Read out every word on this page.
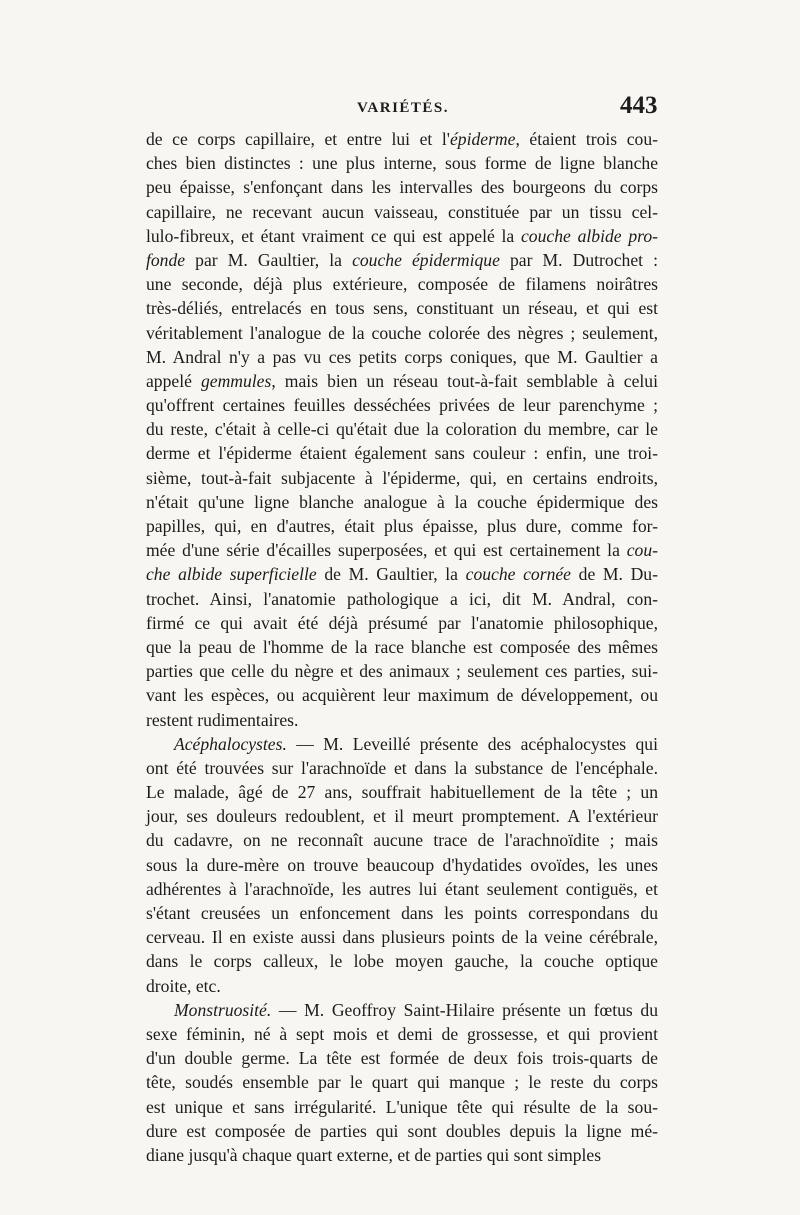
VARIÉTÉS.	443
de ce corps capillaire, et entre lui et l'épiderme, étaient trois cou-
ches bien distinctes : une plus interne, sous forme de ligne blanche
peu épaisse, s'enfonçant dans les intervalles des bourgeons du corps
capillaire, ne recevant aucun vaisseau, constituée par un tissu cel-
lulo-fibreux, et étant vraiment ce qui est appelé la couche albide pro-
fonde par M. Gaultier, la couche épidermique par M. Dutrochet :
une seconde, déjà plus extérieure, composée de filamens noirâtres
très-déliés, entrelacés en tous sens, constituant un réseau, et qui est
véritablement l'analogue de la couche colorée des nègres ; seulement,
M. Andral n'y a pas vu ces petits corps coniques, que M. Gaultier a
appelé gemmules, mais bien un réseau tout-à-fait semblable à celui
qu'offrent certaines feuilles desséchées privées de leur parenchyme ;
du reste, c'était à celle-ci qu'était due la coloration du membre, car le
derme et l'épiderme étaient également sans couleur : enfin, une troi-
sième, tout-à-fait subjacente à l'épiderme, qui, en certains endroits,
n'était qu'une ligne blanche analogue à la couche épidermique des
papilles, qui, en d'autres, était plus épaisse, plus dure, comme for-
mée d'une série d'écailles superposées, et qui est certainement la cou-
che albide superficielle de M. Gaultier, la couche cornée de M. Du-
trochet. Ainsi, l'anatomie pathologique a ici, dit M. Andral, con-
firmé ce qui avait été déjà présumé par l'anatomie philosophique,
que la peau de l'homme de la race blanche est composée des mêmes
parties que celle du nègre et des animaux ; seulement ces parties, sui-
vant les espèces, ou acquièrent leur maximum de développement, ou
restent rudimentaires.
Acéphalocystes. — M. Leveillé présente des acéphalocystes qui
ont été trouvées sur l'arachnoïde et dans la substance de l'encéphale.
Le malade, âgé de 27 ans, souffrait habituellement de la tête ; un
jour, ses douleurs redoublent, et il meurt promptement. A l'extérieur
du cadavre, on ne reconnaît aucune trace de l'arachnoïdite ; mais
sous la dure-mère on trouve beaucoup d'hydatides ovoïdes, les unes
adhérentes à l'arachnoïde, les autres lui étant seulement contiguës, et
s'étant creusées un enfoncement dans les points correspondans du
cerveau. Il en existe aussi dans plusieurs points de la veine cérébrale,
dans le corps calleux, le lobe moyen gauche, la couche optique
droite, etc.
Monstruosité. — M. Geoffroy Saint-Hilaire présente un fœtus du
sexe féminin, né à sept mois et demi de grossesse, et qui provient
d'un double germe. La tête est formée de deux fois trois-quarts de
tête, soudés ensemble par le quart qui manque ; le reste du corps
est unique et sans irrégularité. L'unique tête qui résulte de la sou-
dure est composée de parties qui sont doubles depuis la ligne mé-
diane jusqu'à chaque quart externe, et de parties qui sont simples
